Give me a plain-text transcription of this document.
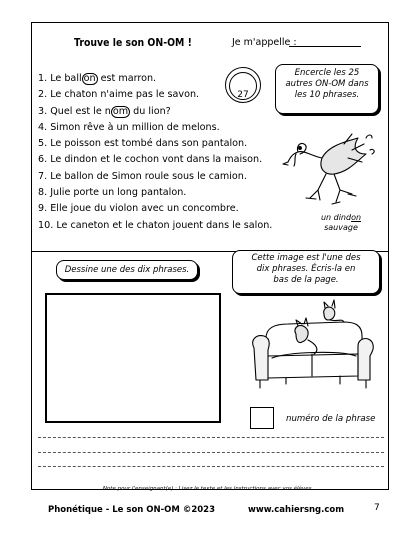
Trouve le son ON-OM !	Je m'appelle :
1. Le ball on est marron.
2. Le chaton n'aime pas le savon.
3. Quel est le n om du lion?
4. Simon rêve à un million de melons.
5. Le poisson est tombé dans son pantalon.
6. Le dindon et le cochon vont dans la maison.
7. Le ballon de Simon roule sous le camion.
8. Julie porte un long pantalon.
9. Elle joue du violon avec un concombre.
10. Le caneton et le chaton jouent dans le salon.
27
Encercle les 25
autres ON-OM dans
les 10 phrases.
un dindon
sauvage
Dessine une des dix phrases.
Cette image est l'une des
dix phrases. Écris-la en
bas de la page.
numéro de la phrase
Note pour l'enseignant(e) : Lisez le texte et les instructions avec vos élèves.
Phonétique - Le son ON-OM ©2023	www.cahiersng.com	7
